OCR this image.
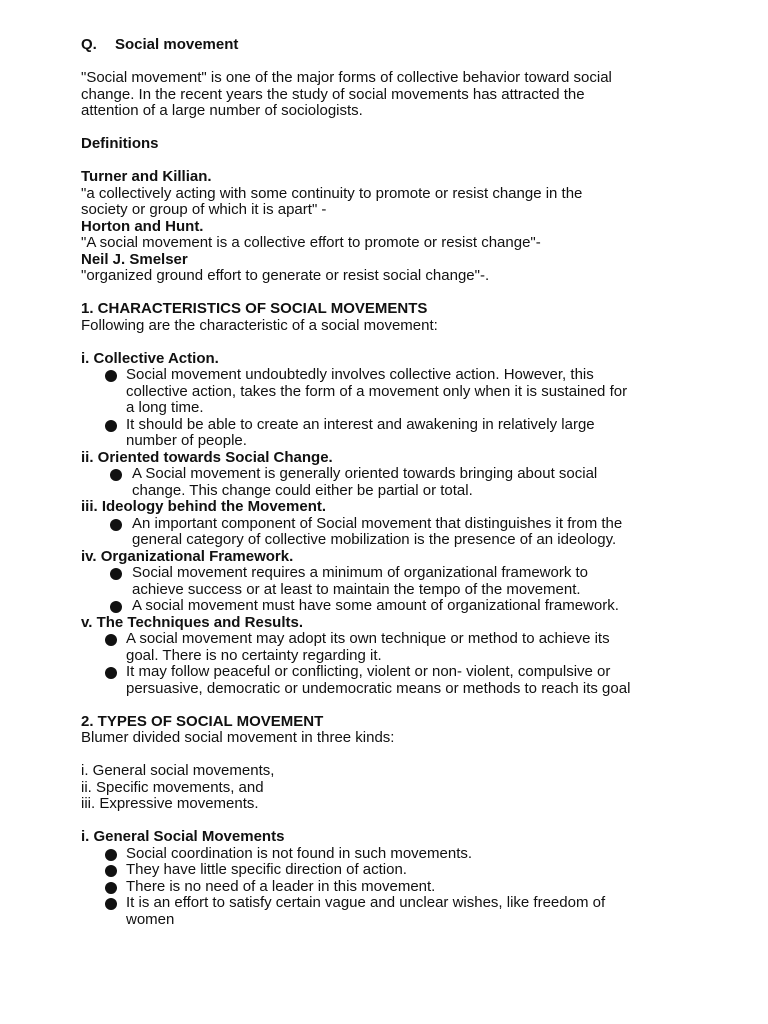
Q. Social movement

"Social movement" is one of the major forms of collective behavior toward social

change. In the recent years the study of social movements has attracted the

attention of a large number of sociologists.

Definitions

Turner and Killian.

"a collectively acting with some continuity to promote or resist change in the

society or group of which it is apart" -

Horton and Hunt.

"A social movement is a collective effort to promote or resist change"-

Neil J. Smelser

"organized ground effort to generate or resist social change"-.

1. CHARACTERISTICS OF SOCIAL MOVEMENTS

Following are the characteristic of a social movement:

i. Collective Action.

Social movement undoubtedly involves collective action. However, this
collective action, takes the form of a movement only when it is sustained for
a long time.
It should be able to create an interest and awakening in relatively large
number of people.

ii. Oriented towards Social Change.

A Social movement is generally oriented towards bringing about social
change. This change could either be partial or total.

iii. Ideology behind the Movement.

An important component of Social movement that distinguishes it from the
general category of collective mobilization is the presence of an ideology.

iv. Organizational Framework.

Social movement requires a minimum of organizational framework to
achieve success or at least to maintain the tempo of the movement.
A social movement must have some amount of organizational framework.

v. The Techniques and Results.

A social movement may adopt its own technique or method to achieve its
goal. There is no certainty regarding it.
It may follow peaceful or conflicting, violent or non- violent, compulsive or
persuasive, democratic or undemocratic means or methods to reach its goal

2. TYPES OF SOCIAL MOVEMENT

Blumer divided social movement in three kinds:

i. General social movements,

ii. Specific movements, and

iii. Expressive movements.

i. General Social Movements

Social coordination is not found in such movements.
They have little specific direction of action.
There is no need of a leader in this movement.
It is an effort to satisfy certain vague and unclear wishes, like freedom of
women
